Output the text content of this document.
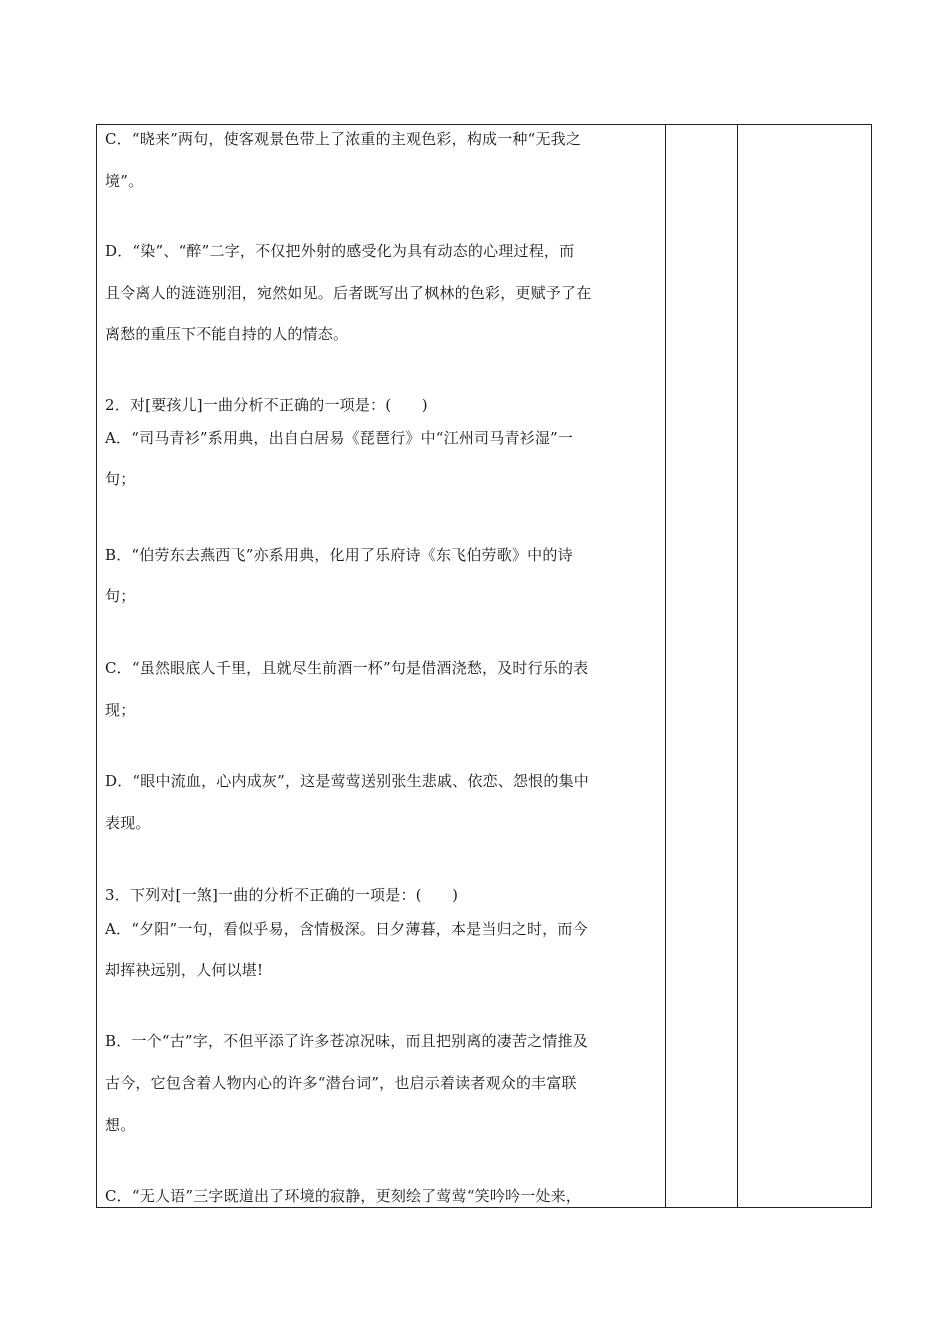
C．“晓来”两句，使客观景色带上了浓重的主观色彩，构成一种“无我之
境”。
D．“染”、“醉”二字，不仅把外射的感受化为具有动态的心理过程，而
且令离人的涟涟别泪，宛然如见。后者既写出了枫林的色彩，更赋予了在
离愁的重压下不能自持的人的情态。
2．对[要孩儿]一曲分析不正确的一项是：(　　)
A．“司马青衫”系用典，出自白居易《琵琶行》中“江州司马青衫湿”一
句；
B．“伯劳东去燕西飞”亦系用典，化用了乐府诗《东飞伯劳歌》中的诗
句；
C．“虽然眼底人千里，且就尽生前酒一杯”句是借酒浇愁，及时行乐的表
现；
D．“眼中流血，心内成灰”，这是莺莺送别张生悲戚、依恋、怨恨的集中
表现。
3．下列对[一煞]一曲的分析不正确的一项是：(　　)
A．“夕阳”一句，看似乎易，含情极深。日夕薄暮，本是当归之时，而今
却挥袂远别，人何以堪!
B．一个“古”字，不但平添了许多苍凉况味，而且把别离的凄苦之情推及
古今，它包含着人物内心的许多“潜台词”，也启示着读者观众的丰富联
想。
C．“无人语”三字既道出了环境的寂静，更刻绘了莺莺“笑吟吟一处来，
